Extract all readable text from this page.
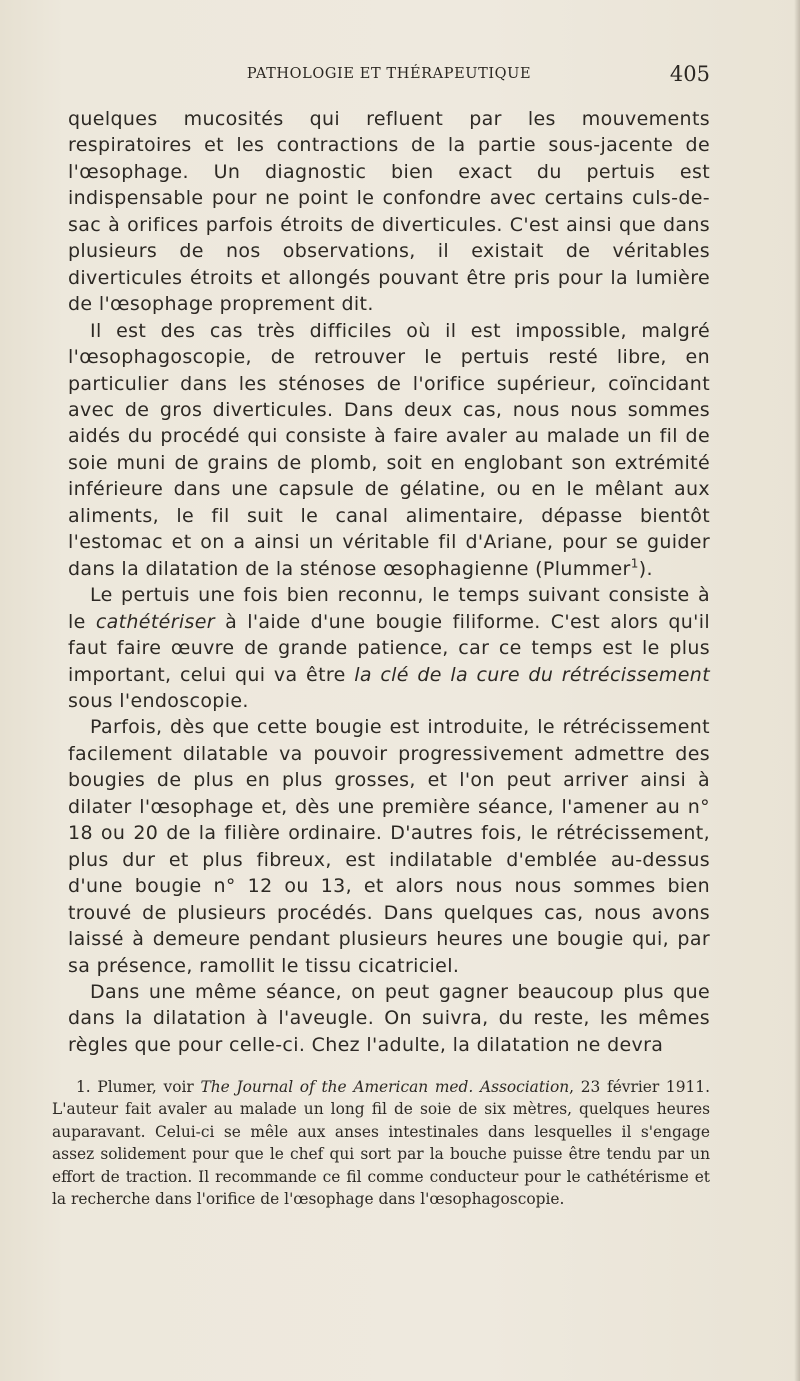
PATHOLOGIE ET THÉRAPEUTIQUE	405

quelques mucosités qui refluent par les mouvements respiratoires et les contractions de la partie sous-jacente de l'œsophage. Un diagnostic bien exact du pertuis est indispensable pour ne point le confondre avec certains culs-de-sac à orifices parfois étroits de diverticules. C'est ainsi que dans plusieurs de nos observations, il existait de véritables diverticules étroits et allongés pouvant être pris pour la lumière de l'œsophage proprement dit.

Il est des cas très difficiles où il est impossible, malgré l'œsophagoscopie, de retrouver le pertuis resté libre, en particulier dans les sténoses de l'orifice supérieur, coïncidant avec de gros diverticules. Dans deux cas, nous nous sommes aidés du procédé qui consiste à faire avaler au malade un fil de soie muni de grains de plomb, soit en englobant son extrémité inférieure dans une capsule de gélatine, ou en le mêlant aux aliments, le fil suit le canal alimentaire, dépasse bientôt l'estomac et on a ainsi un véritable fil d'Ariane, pour se guider dans la dilatation de la sténose œsophagienne (Plummer$^1$).

Le pertuis une fois bien reconnu, le temps suivant consiste à le cathétériser à l'aide d'une bougie filiforme. C'est alors qu'il faut faire œuvre de grande patience, car ce temps est le plus important, celui qui va être la clé de la cure du rétrécissement sous l'endoscopie.

Parfois, dès que cette bougie est introduite, le rétrécissement facilement dilatable va pouvoir progressivement admettre des bougies de plus en plus grosses, et l'on peut arriver ainsi à dilater l'œsophage et, dès une première séance, l'amener au n° 18 ou 20 de la filière ordinaire. D'autres fois, le rétrécissement, plus dur et plus fibreux, est indilatable d'emblée au-dessus d'une bougie n° 12 ou 13, et alors nous nous sommes bien trouvé de plusieurs procédés. Dans quelques cas, nous avons laissé à demeure pendant plusieurs heures une bougie qui, par sa présence, ramollit le tissu cicatriciel.

Dans une même séance, on peut gagner beaucoup plus que dans la dilatation à l'aveugle. On suivra, du reste, les mêmes règles que pour celle-ci. Chez l'adulte, la dilatation ne devra

1. Plumer, voir The Journal of the American med. Association, 23 février 1911. L'auteur fait avaler au malade un long fil de soie de six mètres, quelques heures auparavant. Celui-ci se mêle aux anses intestinales dans lesquelles il s'engage assez solidement pour que le chef qui sort par la bouche puisse être tendu par un effort de traction. Il recommande ce fil comme conducteur pour le cathétérisme et la recherche dans l'orifice de l'œsophage dans l'œsophagoscopie.
